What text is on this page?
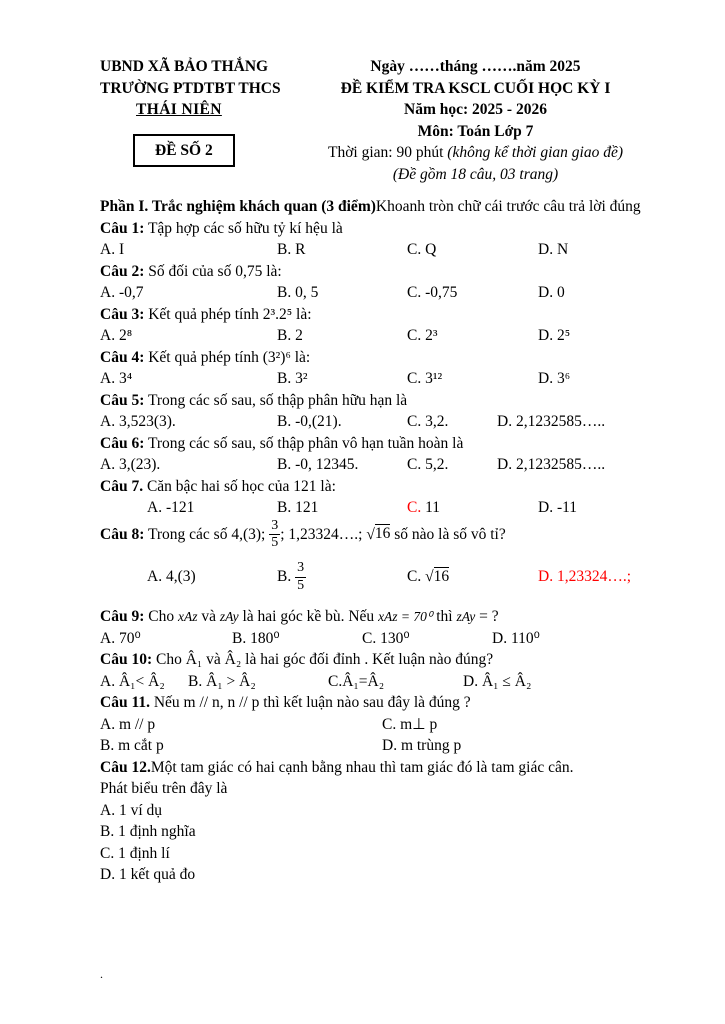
UBND XÃ BẢO THẮNG
TRƯỜNG PTDTBT THCS
THÁI NIÊN
ĐỀ SỐ 2
Ngày ……tháng …….năm 2025
ĐỀ KIỂM TRA KSCL CUỐI HỌC KỲ I
Năm học: 2025 - 2026
Môn: Toán Lớp 7
Thời gian: 90 phút (không kể thời gian giao đề)
(Đề gồm 18 câu, 03 trang)

Phần I. Trắc nghiệm khách quan (3 điểm)Khoanh tròn chữ cái trước câu trả lời đúng

Câu 1: Tập hợp các số hữu tỷ kí hệu là

A. I	B. R	C. Q	D. N

Câu 2: Số đối của số 0,75 là:

A. -0,7	B. 0, 5	C. -0,75	D. 0

Câu 3: Kết quả phép tính 2³.2⁵ là:

A. 2⁸	B. 2	C. 2³	D. 2⁵

Câu 4: Kết quả phép tính (3²)⁶ là:

A. 3⁴	B. 3²	C. 3¹²	D. 3⁶

Câu 5: Trong các số sau, số thập phân hữu hạn là

A. 3,523(3).	B. -0,(21).	C. 3,2.	D. 2,1232585…..

Câu 6: Trong các số sau, số thập phân vô hạn tuần hoàn là

A. 3,(23).	B. -0, 12345.	C. 5,2.	D. 2,1232585…..

Câu 7. Căn bậc hai số học của 121 là:

A. -121	B. 121	C. 11	D. -11

Câu 8: Trong các số 4,(3); $\frac{3}{5}$ ; 1,23324….; √16 số nào là số vô tỉ?

A. 4,(3)	B. $\frac{3}{5}$	C. √16	D. 1,23324….;

Câu 9: Cho xAz và zAy là hai góc kề bù. Nếu xAz = 70⁰ thì zAy = ?

A. 70⁰	B. 180⁰	C. 130⁰	D. 110⁰

Câu 10: Cho Â₁ và Â₂ là hai góc đối đỉnh . Kết luận nào đúng?

A. Â₁< Â₂	B. Â₁ > Â₂	C.Â₁=Â₂	D. Â₁ ≤ Â₂

Câu 11. Nếu m // n, n // p thì kết luận nào sau đây là đúng ?

A. m // p	C. m⊥ p
B. m cắt p	D. m trùng p

Câu 12.Một tam giác có hai cạnh bằng nhau thì tam giác đó là tam giác cân.

Phát biểu trên đây là

A. 1 ví dụ

B. 1 định nghĩa

C. 1 định lí

D. 1 kết quả đo

.
